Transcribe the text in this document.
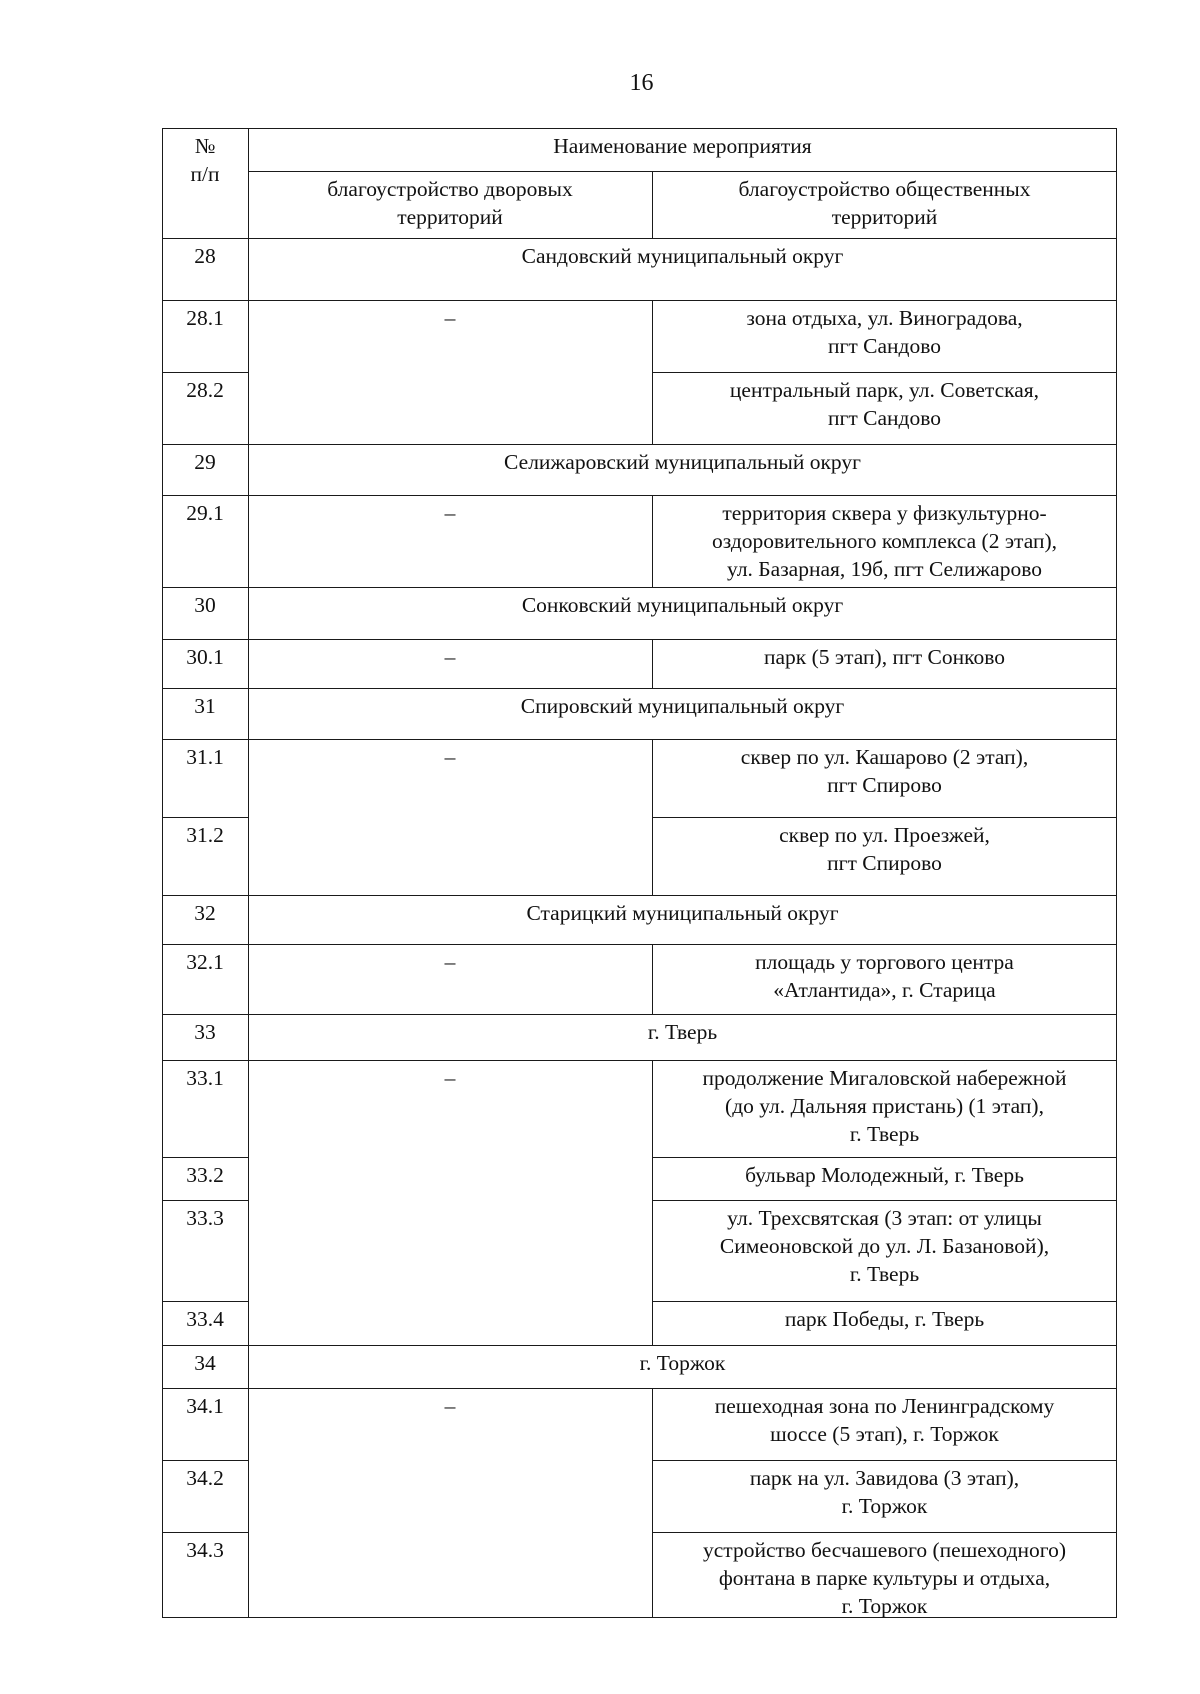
16
№
п/п
Наименование мероприятия
благоустройство дворовых
территорий
благоустройство общественных
территорий
28	Сандовский муниципальный округ
28.1	–	зона отдыха, ул. Виноградова,
пгт Сандово
28.2	центральный парк, ул. Советская,
пгт Сандово
29	Селижаровский муниципальный округ
29.1	–	территория сквера у физкультурно-
оздоровительного комплекса (2 этап),
ул. Базарная, 19б, пгт Селижарово
30	Сонковский муниципальный округ
30.1	–	парк (5 этап), пгт Сонково
31	Спировский муниципальный округ
31.1	–	сквер по ул. Кашарово (2 этап),
пгт Спирово
31.2	сквер по ул. Проезжей,
пгт Спирово
32	Старицкий муниципальный округ
32.1	–	площадь у торгового центра
«Атлантида», г. Старица
33	г. Тверь
33.1	–	продолжение Мигаловской набережной
(до ул. Дальняя пристань) (1 этап),
г. Тверь
33.2	бульвар Молодежный, г. Тверь
33.3	ул. Трехсвятская (3 этап: от улицы
Симеоновской до ул. Л. Базановой),
г. Тверь
33.4	парк Победы, г. Тверь
34	г. Торжок
34.1	–	пешеходная зона по Ленинградскому
шоссе (5 этап), г. Торжок
34.2	парк на ул. Завидова (3 этап),
г. Торжок
34.3	устройство бесчашевого (пешеходного)
фонтана в парке культуры и отдыха,
г. Торжок
